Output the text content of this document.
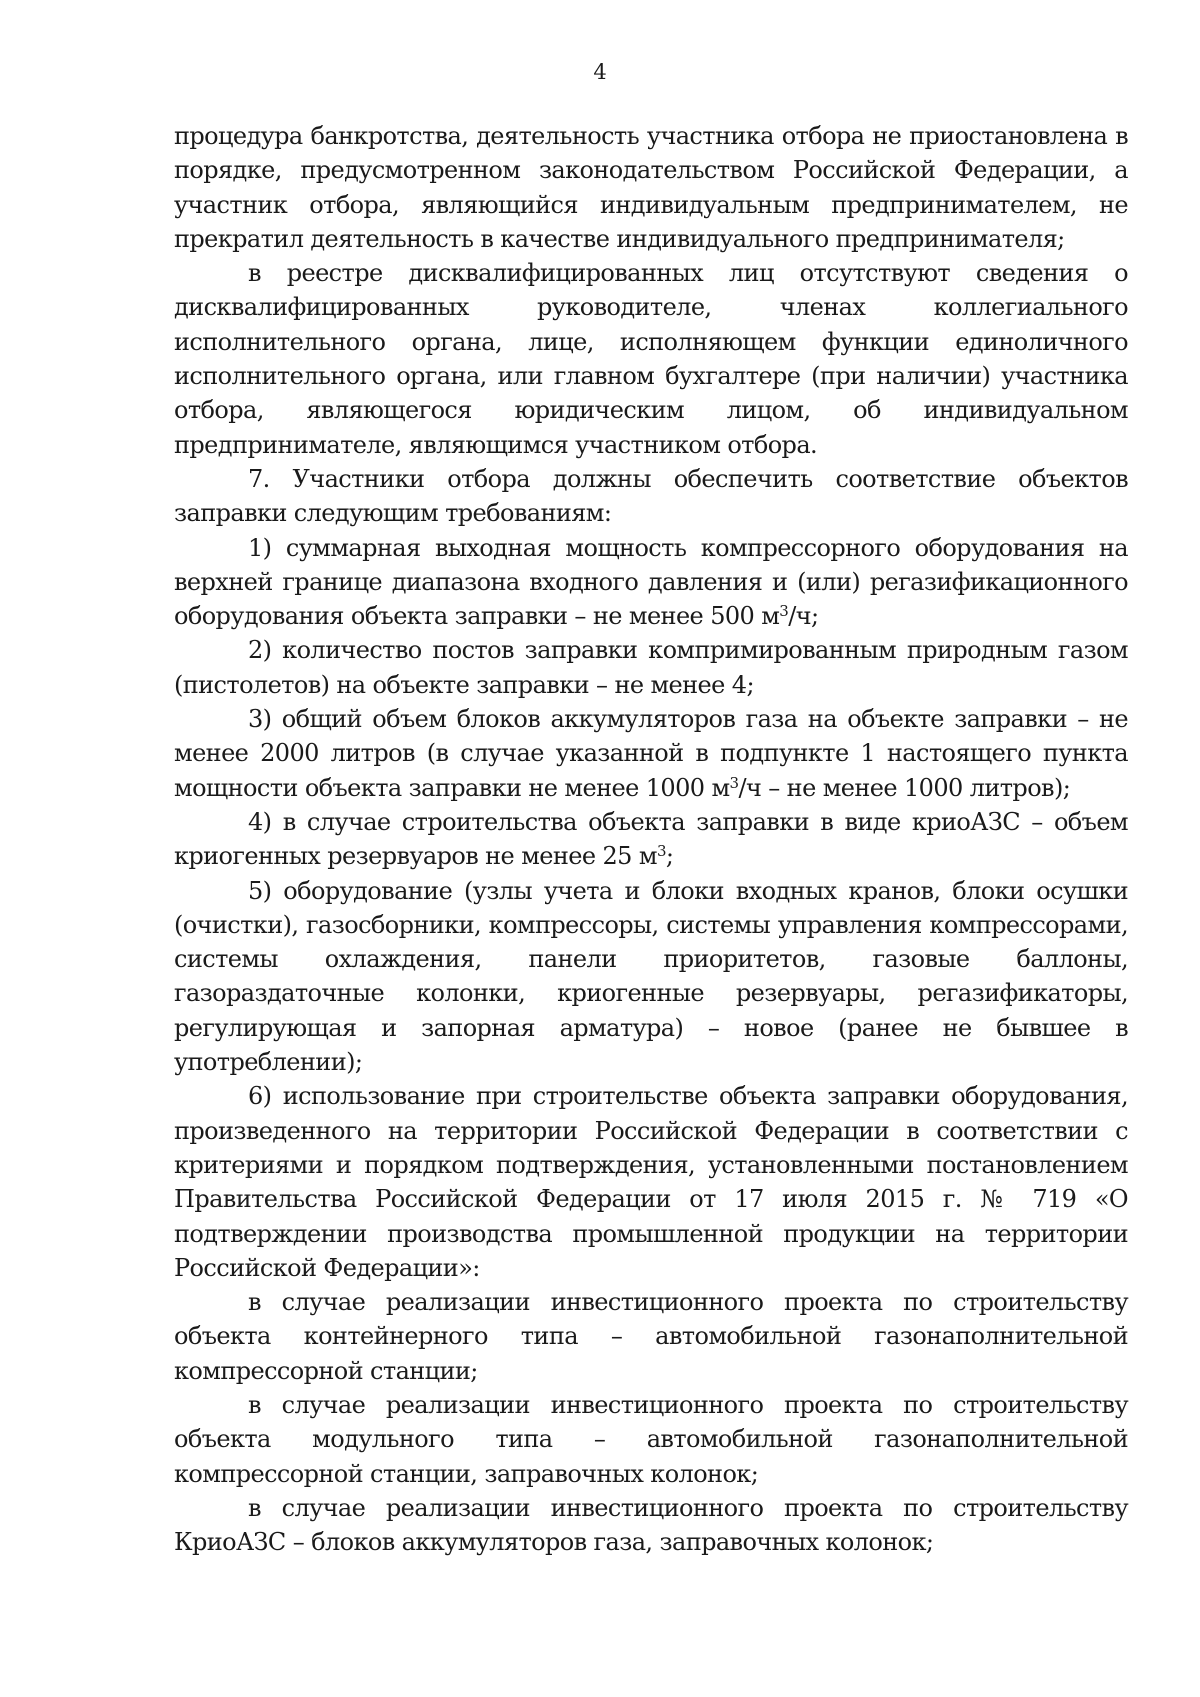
4

процедура банкротства, деятельность участника отбора не приостановлена в порядке, предусмотренном законодательством Российской Федерации, а участник отбора, являющийся индивидуальным предпринимателем, не прекратил деятельность в качестве индивидуального предпринимателя;

в реестре дисквалифицированных лиц отсутствуют сведения о дисквалифицированных руководителе, членах коллегиального исполнительного органа, лице, исполняющем функции единоличного исполнительного органа, или главном бухгалтере (при наличии) участника отбора, являющегося юридическим лицом, об индивидуальном предпринимателе, являющимся участником отбора.

7. Участники отбора должны обеспечить соответствие объектов заправки следующим требованиям:

1) суммарная выходная мощность компрессорного оборудования на верхней границе диапазона входного давления и (или) регазификационного оборудования объекта заправки – не менее 500 $м^3/ч$;

2) количество постов заправки компримированным природным газом (пистолетов) на объекте заправки – не менее 4;

3) общий объем блоков аккумуляторов газа на объекте заправки – не менее 2000 литров (в случае указанной в подпункте 1 настоящего пункта мощности объекта заправки не менее 1000 $м^3/ч$ – не менее 1000 литров);

4) в случае строительства объекта заправки в виде криоАЗС – объем криогенных резервуаров не менее 25 $м^3$;

5) оборудование (узлы учета и блоки входных кранов, блоки осушки (очистки), газосборники, компрессоры, системы управления компрессорами, системы охлаждения, панели приоритетов, газовые баллоны, газораздаточные колонки, криогенные резервуары, регазификаторы, регулирующая и запорная арматура) – новое (ранее не бывшее в употреблении);

6) использование при строительстве объекта заправки оборудования, произведенного на территории Российской Федерации в соответствии с критериями и порядком подтверждения, установленными постановлением Правительства Российской Федерации от 17 июля 2015 г. № 719 «О подтверждении производства промышленной продукции на территории Российской Федерации»:

в случае реализации инвестиционного проекта по строительству объекта контейнерного типа – автомобильной газонаполнительной компрессорной станции;

в случае реализации инвестиционного проекта по строительству объекта модульного типа – автомобильной газонаполнительной компрессорной станции, заправочных колонок;

в случае реализации инвестиционного проекта по строительству КриоАЗС – блоков аккумуляторов газа, заправочных колонок;
